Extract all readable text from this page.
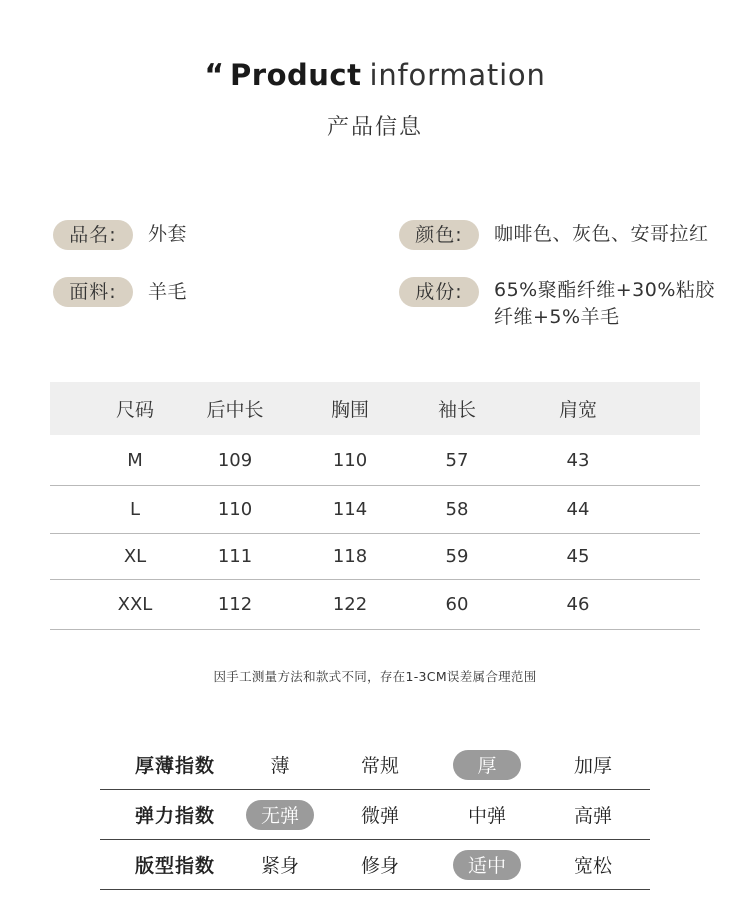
“ Product information
产品信息
品名:	外套	颜色:	咖啡色、灰色、安哥拉红
面料:	羊毛	成份:	65%聚酯纤维+30%粘胶
纤维+5%羊毛
尺码	后中长	胸围	袖长	肩宽
M	109	110	57	43
L	110	114	58	44
XL	111	118	59	45
XXL	112	122	60	46
因手工测量方法和款式不同，存在1-3CM误差属合理范围
厚薄指数	薄	常规	厚	加厚
弹力指数	无弹	微弹	中弹	高弹
版型指数	紧身	修身	适中	宽松
